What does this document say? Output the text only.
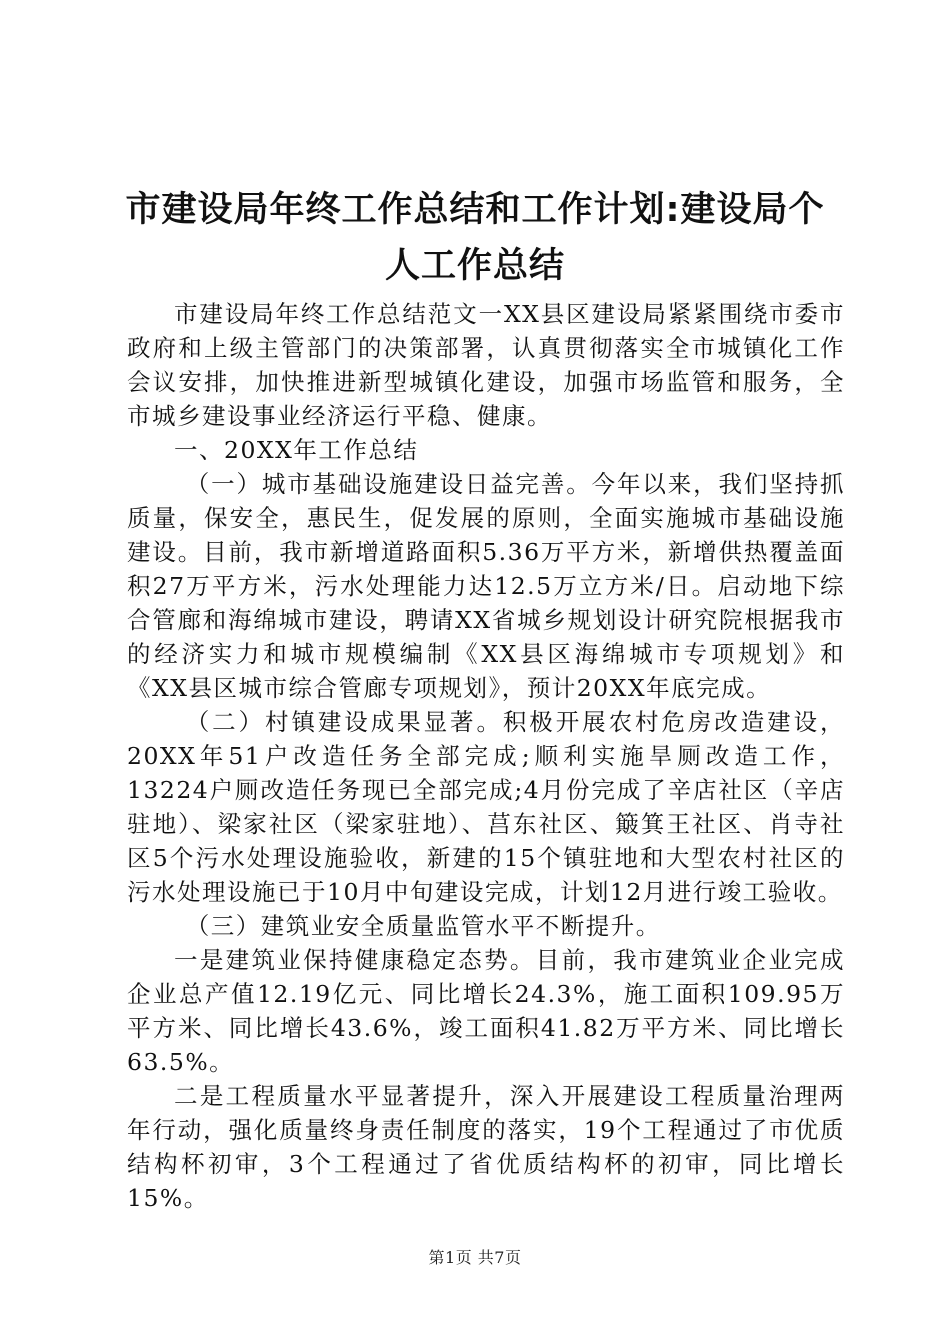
市建设局年终工作总结和工作计划:建设局个
人工作总结

市建设局年终工作总结范文一XX县区建设局紧紧围绕市委市政府和上级主管部门的决策部署，认真贯彻落实全市城镇化工作会议安排，加快推进新型城镇化建设，加强市场监管和服务，全市城乡建设事业经济运行平稳、健康。

一、20XX年工作总结

（一）城市基础设施建设日益完善。今年以来，我们坚持抓质量，保安全，惠民生，促发展的原则，全面实施城市基础设施建设。目前，我市新增道路面积5.36万平方米，新增供热覆盖面积27万平方米，污水处理能力达12.5万立方米/日。启动地下综合管廊和海绵城市建设，聘请XX省城乡规划设计研究院根据我市的经济实力和城市规模编制《XX县区海绵城市专项规划》和《XX县区城市综合管廊专项规划》，预计20XX年底完成。

（二）村镇建设成果显著。积极开展农村危房改造建设，20XX年51户改造任务全部完成;顺利实施旱厕改造工作，13224户厕改造任务现已全部完成;4月份完成了辛店社区（辛店驻地）、梁家社区（梁家驻地）、莒东社区、簸箕王社区、肖寺社区5个污水处理设施验收，新建的15个镇驻地和大型农村社区的污水处理设施已于10月中旬建设完成，计划12月进行竣工验收。

（三）建筑业安全质量监管水平不断提升。

一是建筑业保持健康稳定态势。目前，我市建筑业企业完成企业总产值12.19亿元、同比增长24.3%，施工面积109.95万平方米、同比增长43.6%，竣工面积41.82万平方米、同比增长63.5%。

二是工程质量水平显著提升，深入开展建设工程质量治理两年行动，强化质量终身责任制度的落实，19个工程通过了市优质结构杯初审，3个工程通过了省优质结构杯的初审，同比增长15%。

第1页 共7页
